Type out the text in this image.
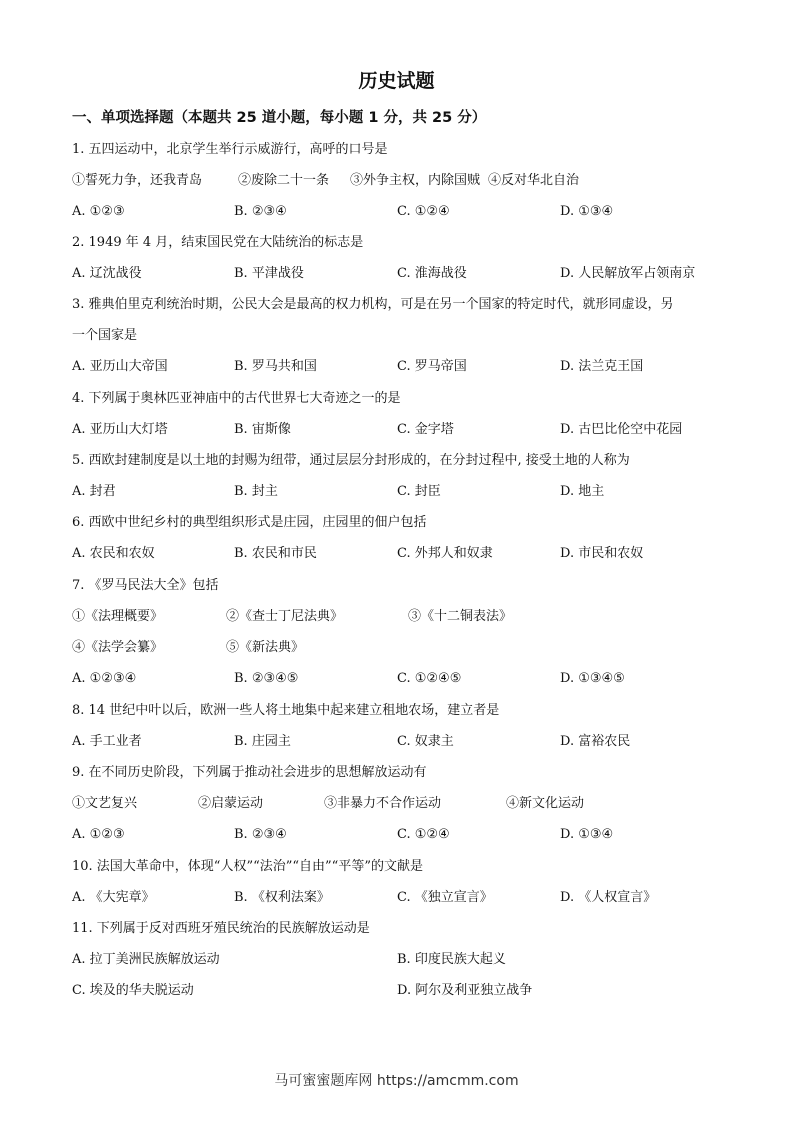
历史试题
一、单项选择题（本题共 25 道小题，每小题 1 分，共 25 分）
1. 五四运动中，北京学生举行示威游行，高呼的口号是
①誓死力争，还我青岛	②废除二十一条 ③外争主权，内除国贼 ④反对华北自治
A. ①②③	B. ②③④	C. ①②④	D. ①③④
2. 1949 年 4 月，结束国民党在大陆统治的标志是
A. 辽沈战役	B. 平津战役	C. 淮海战役	D. 人民解放军占领南京
3. 雅典伯里克利统治时期，公民大会是最高的权力机构，可是在另一个国家的特定时代，就形同虚设，另
一个国家是
A. 亚历山大帝国	B. 罗马共和国	C. 罗马帝国	D. 法兰克王国
4. 下列属于奥林匹亚神庙中的古代世界七大奇迹之一的是
A. 亚历山大灯塔	B. 宙斯像	C. 金字塔	D. 古巴比伦空中花园
5. 西欧封建制度是以土地的封赐为纽带，通过层层分封形成的，在分封过程中, 接受土地的人称为
A. 封君	B. 封主	C. 封臣	D. 地主
6. 西欧中世纪乡村的典型组织形式是庄园，庄园里的佃户包括
A. 农民和农奴	B. 农民和市民	C. 外邦人和奴隶	D. 市民和农奴
7. 《罗马民法大全》包括
①《法理概要》	②《查士丁尼法典》	③《十二铜表法》
④《法学会纂》	⑤《新法典》
A. ①②③④	B. ②③④⑤	C. ①②④⑤	D. ①③④⑤
8. 14 世纪中叶以后，欧洲一些人将土地集中起来建立租地农场，建立者是
A. 手工业者	B. 庄园主	C. 奴隶主	D. 富裕农民
9. 在不同历史阶段，下列属于推动社会进步的思想解放运动有
①文艺复兴	②启蒙运动	③非暴力不合作运动	④新文化运动
A. ①②③	B. ②③④	C. ①②④	D. ①③④
10. 法国大革命中，体现“人权”“法治”“自由”“平等”的文献是
A. 《大宪章》	B. 《权利法案》	C. 《独立宣言》	D. 《人权宣言》
11. 下列属于反对西班牙殖民统治的民族解放运动是
A. 拉丁美洲民族解放运动	B. 印度民族大起义
C. 埃及的华夫脱运动	D. 阿尔及利亚独立战争
马可蜜蜜题库网 https://amcmm.com
